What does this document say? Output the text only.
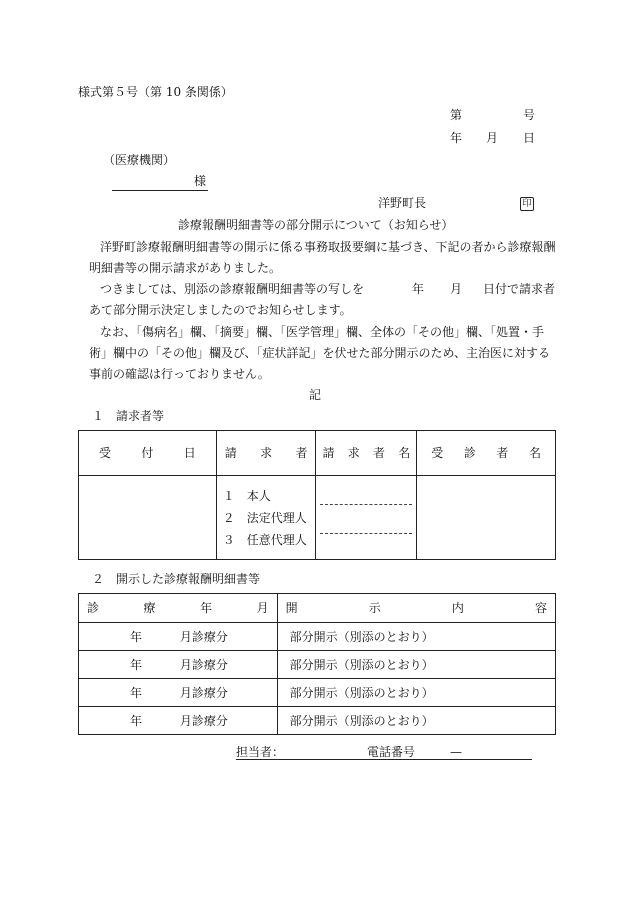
様式第５号（第 10 条関係）
第	号
年 月 日
（医療機関）
様
洋野町長	印
診療報酬明細書等の部分開示について（お知らせ）
洋野町診療報酬明細書等の開示に係る事務取扱要綱に基づき、下記の者から診療報酬
明細書等の開示請求がありました。
つきましては、別添の診療報酬明細書等の写しを	年 月 日付で請求者
あて部分開示決定しましたのでお知らせします。
なお、「傷病名」欄、「摘要」欄、「医学管理」欄、全体の「その他」欄、「処置・手
術」欄中の「その他」欄及び、「症状詳記」を伏せた部分開示のため、主治医に対する
事前の確認は行っておりません。
記
１　請求者等
受 付 日	請 求 者	請 求 者 名	受 診 者 名

	１　本人
２　法定代理人
３　任意代理人		

２　開示した診療報酬明細書等
診 療 年 月	開 示 内 容

年 月診療分	部分開示（別添のとおり）
年 月診療分	部分開示（別添のとおり）
年 月診療分	部分開示（別添のとおり）
年 月診療分	部分開示（別添のとおり）
担当者：	電話番号	—
